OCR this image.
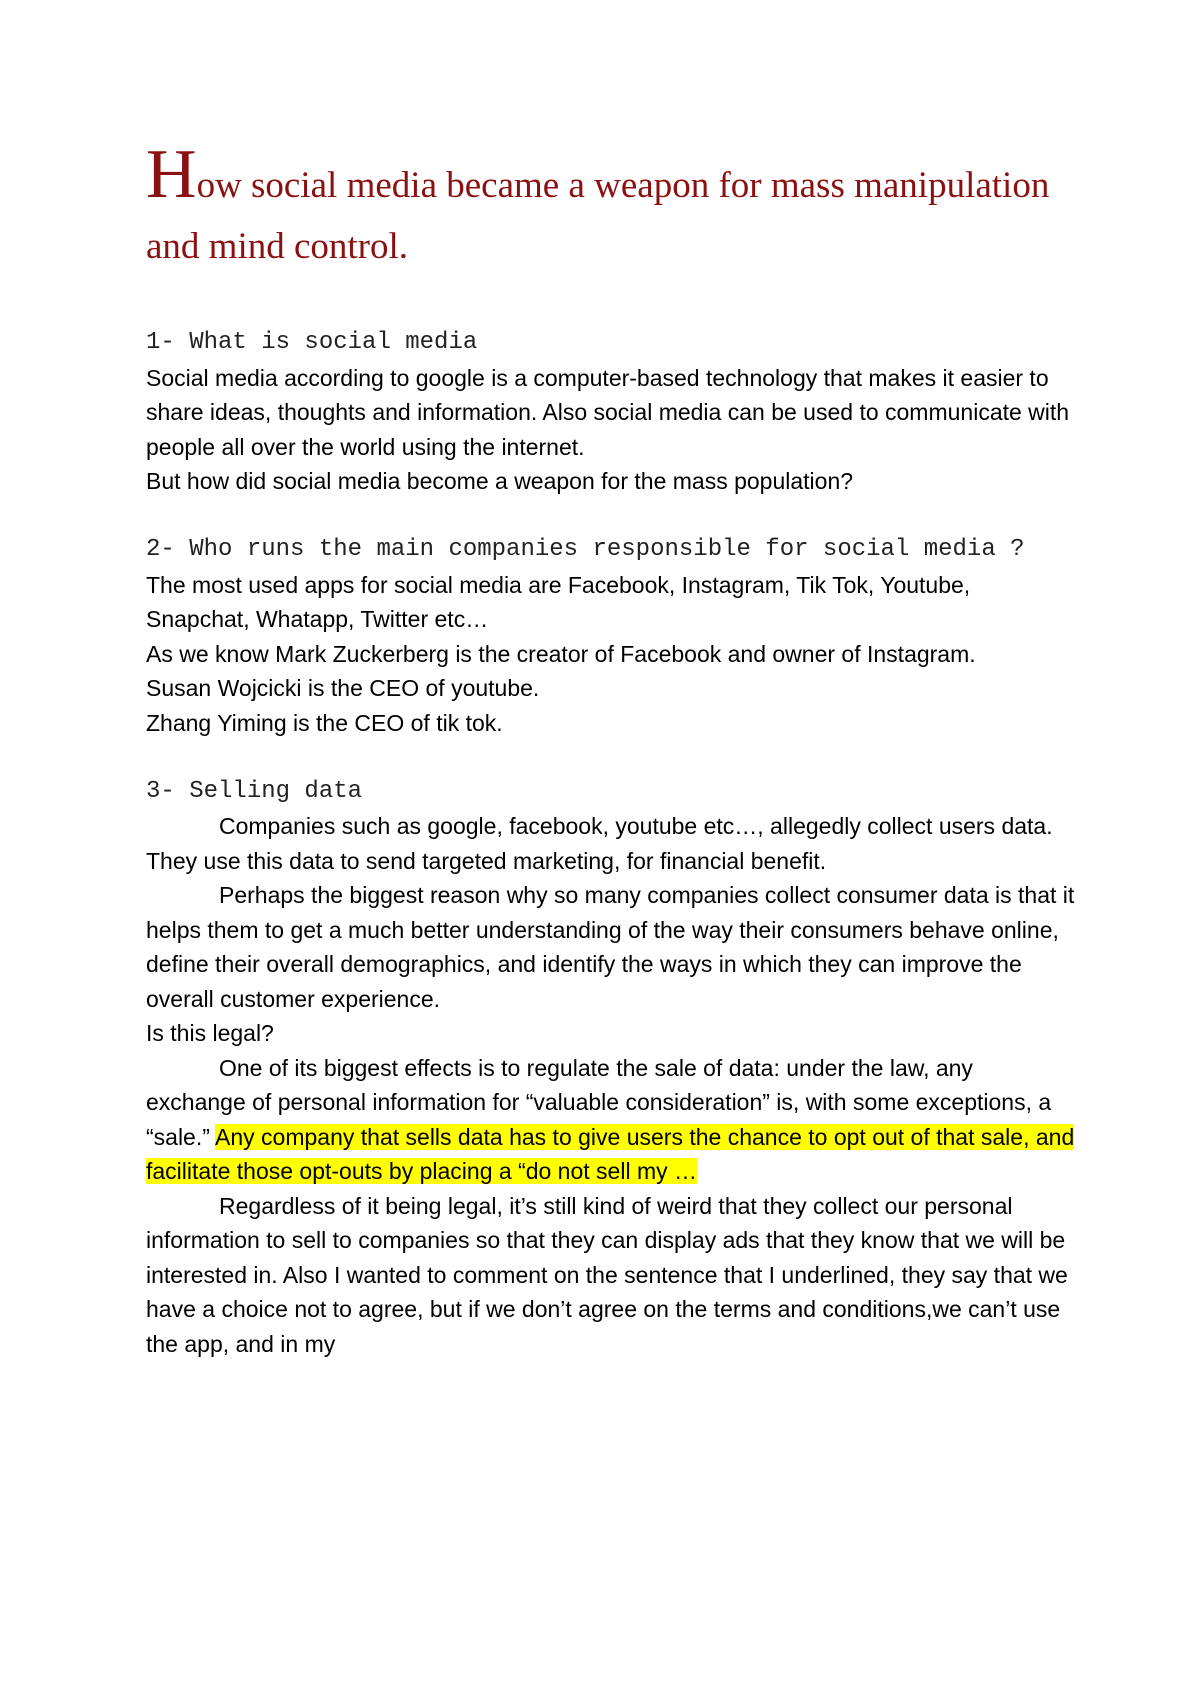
How social media became a weapon for mass manipulation and mind control.
1- What is social media

Social media according to google is a computer-based technology that makes it easier to share ideas, thoughts and information. Also social media can be used to communicate with people all over the world using the internet.

But how did social media become a weapon for the mass population?

2- Who runs the main companies responsible for social media ?

The most used apps for social media are Facebook, Instagram, Tik Tok, Youtube, Snapchat, Whatapp, Twitter etc…

As we know Mark Zuckerberg is the creator of Facebook and owner of Instagram.

Susan Wojcicki is the CEO of youtube.

Zhang Yiming is the CEO of tik tok.

3- Selling data

Companies such as google, facebook, youtube etc…, allegedly collect users data. They use this data to send targeted marketing, for financial benefit.

Perhaps the biggest reason why so many companies collect consumer data is that it helps them to get a much better understanding of the way their consumers behave online, define their overall demographics, and identify the ways in which they can improve the overall customer experience.

Is this legal?

One of its biggest effects is to regulate the sale of data: under the law, any exchange of personal information for “valuable consideration” is, with some exceptions, a “sale.” Any company that sells data has to give users the chance to opt out of that sale, and facilitate those opt-outs by placing a “do not sell my …

Regardless of it being legal, it’s still kind of weird that they collect our personal information to sell to companies so that they can display ads that they know that we will be interested in. Also I wanted to comment on the sentence that I underlined, they say that we have a choice not to agree, but if we don’t agree on the terms and conditions,we can’t use the app, and in my
